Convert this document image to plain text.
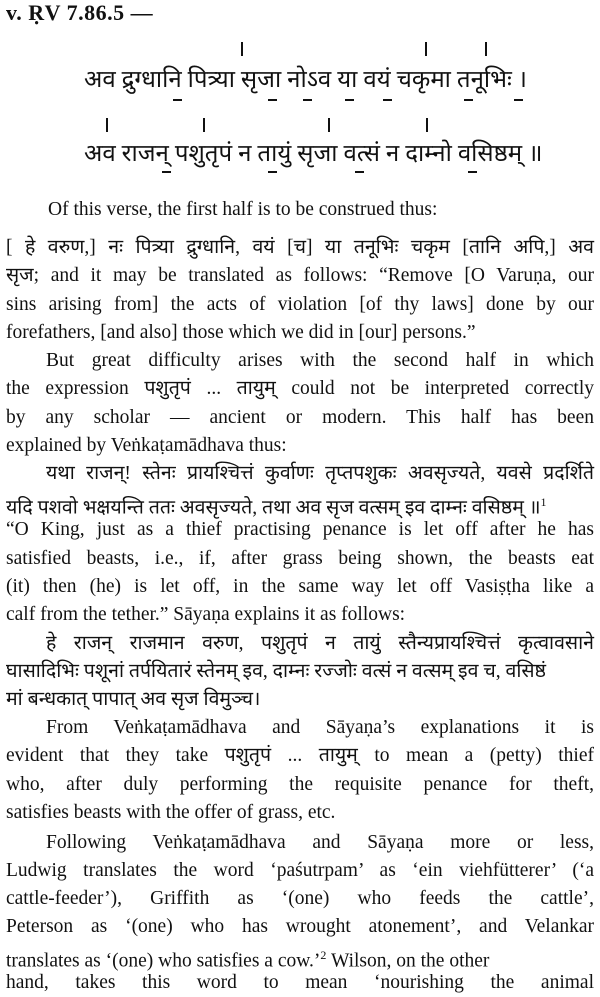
v. ṚV 7.86.5 —
अव द्रुग्धानि पित्र्या सृजा नोऽव या वयं चकृमा तनूभिः ।
अव राजन् पशुतृपं न तायुं सृजा वत्सं न दाम्नो वसिष्ठम् ॥
Of this verse, the first half is to be construed thus:
[ हे वरुण,] नः पित्र्या द्रुग्धानि, वयं [च] या तनूभिः चकृम [तानि अपि,] अव
सृज; and it may be translated as follows: “Remove [O Varuṇa, our
sins arising from] the acts of violation [of thy laws] done by our
forefathers, [and also] those which we did in [our] persons.”
But great difficulty arises with the second half in which
the expression पशुतृपं ... तायुम् could not be interpreted correctly
by any scholar — ancient or modern. This half has been
explained by Veṅkaṭamādhava thus:
यथा राजन्! स्तेनः प्रायश्चित्तं कुर्वाणः तृप्तपशुकः अवसृज्यते, यवसे प्रदर्शिते
यदि पशवो भक्षयन्ति ततः अवसृज्यते, तथा अव सृज वत्सम् इव दाम्नः वसिष्ठम् ॥$^1$
“O King, just as a thief practising penance is let off after he has
satisfied beasts, i.e., if, after grass being shown, the beasts eat
(it) then (he) is let off, in the same way let off Vasiṣṭha like a
calf from the tether.” Sāyaṇa explains it as follows:
हे राजन् राजमान वरुण, पशुतृपं न तायुं स्तैन्यप्रायश्चित्तं कृत्वावसाने
घासादिभिः पशूनां तर्पयितारं स्तेनम् इव, दाम्नः रज्जोः वत्सं न वत्सम् इव च, वसिष्ठं
मां बन्धकात् पापात् अव सृज विमुञ्च।
From Veṅkaṭamādhava and Sāyaṇa’s explanations it is
evident that they take पशुतृपं ... तायुम् to mean a (petty) thief
who, after duly performing the requisite penance for theft,
satisfies beasts with the offer of grass, etc.
Following Veṅkaṭamādhava and Sāyaṇa more or less,
Ludwig translates the word ‘paśutrpam’ as ‘ein viehfütterer’ (‘a
cattle-feeder’), Griffith as ‘(one) who feeds the cattle’,
Peterson as ‘(one) who has wrought atonement’, and Velankar
translates as ‘(one) who satisfies a cow.’$^2$ Wilson, on the other
hand, takes this word to mean ‘nourishing the animal
